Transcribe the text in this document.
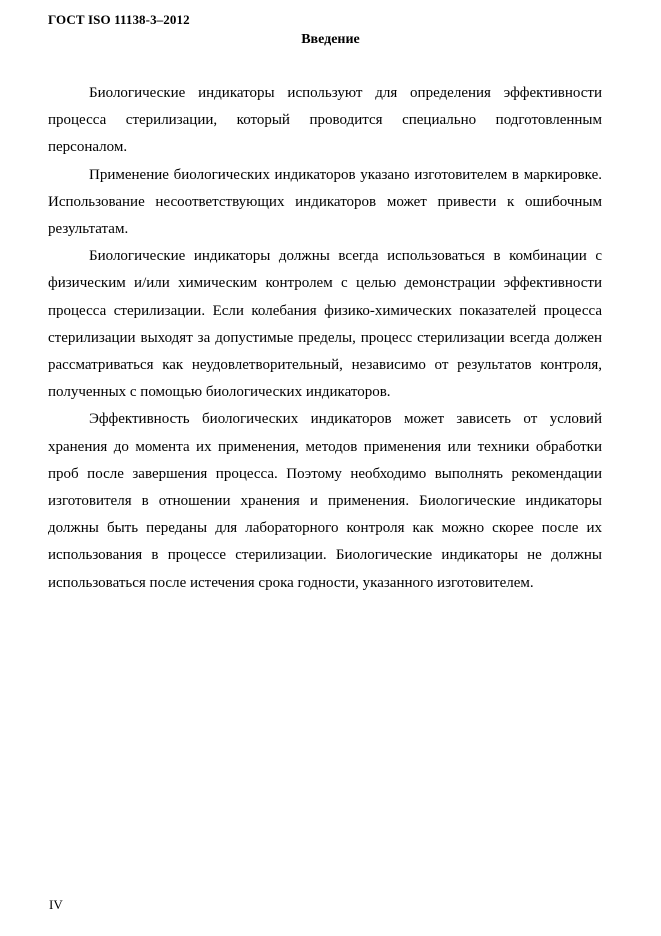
ГОСТ ISO 11138-3–2012
Введение

Биологические индикаторы используют для определения эффективности процесса стерилизации, который проводится специально подготовленным персоналом.

Применение биологических индикаторов указано изготовителем в маркировке. Использование несоответствующих индикаторов может привести к ошибочным результатам.

Биологические индикаторы должны всегда использоваться в комбинации с физическим и/или химическим контролем с целью демонстрации эффективности процесса стерилизации. Если колебания физико-химических показателей процесса стерилизации выходят за допустимые пределы, процесс стерилизации всегда должен рассматриваться как неудовлетворительный, независимо от результатов контроля, полученных с помощью биологических индикаторов.

Эффективность биологических индикаторов может зависеть от условий хранения до момента их применения, методов применения или техники обработки проб после завершения процесса. Поэтому необходимо выполнять рекомендации изготовителя в отношении хранения и применения. Биологические индикаторы должны быть переданы для лабораторного контроля как можно скорее после их использования в процессе стерилизации. Биологические индикаторы не должны использоваться после истечения срока годности, указанного изготовителем.

IV
